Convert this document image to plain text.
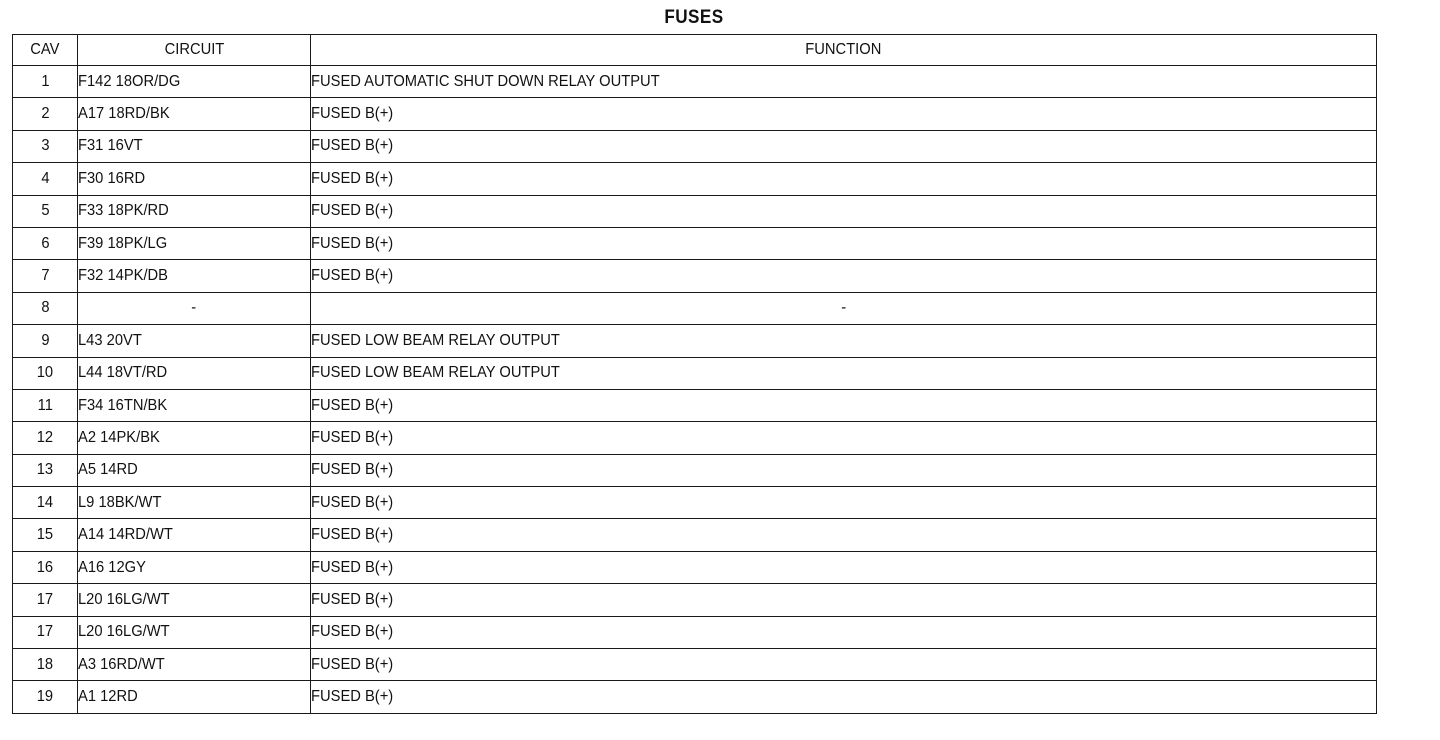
FUSES
CAV	CIRCUIT	FUNCTION
1	F142 18OR/DG	FUSED AUTOMATIC SHUT DOWN RELAY OUTPUT
2	A17 18RD/BK	FUSED B(+)
3	F31 16VT	FUSED B(+)
4	F30 16RD	FUSED B(+)
5	F33 18PK/RD	FUSED B(+)
6	F39 18PK/LG	FUSED B(+)
7	F32 14PK/DB	FUSED B(+)
8	-	-
9	L43 20VT	FUSED LOW BEAM RELAY OUTPUT
10	L44 18VT/RD	FUSED LOW BEAM RELAY OUTPUT
11	F34 16TN/BK	FUSED B(+)
12	A2 14PK/BK	FUSED B(+)
13	A5 14RD	FUSED B(+)
14	L9 18BK/WT	FUSED B(+)
15	A14 14RD/WT	FUSED B(+)
16	A16 12GY	FUSED B(+)
17	L20 16LG/WT	FUSED B(+)
17	L20 16LG/WT	FUSED B(+)
18	A3 16RD/WT	FUSED B(+)
19	A1 12RD	FUSED B(+)
